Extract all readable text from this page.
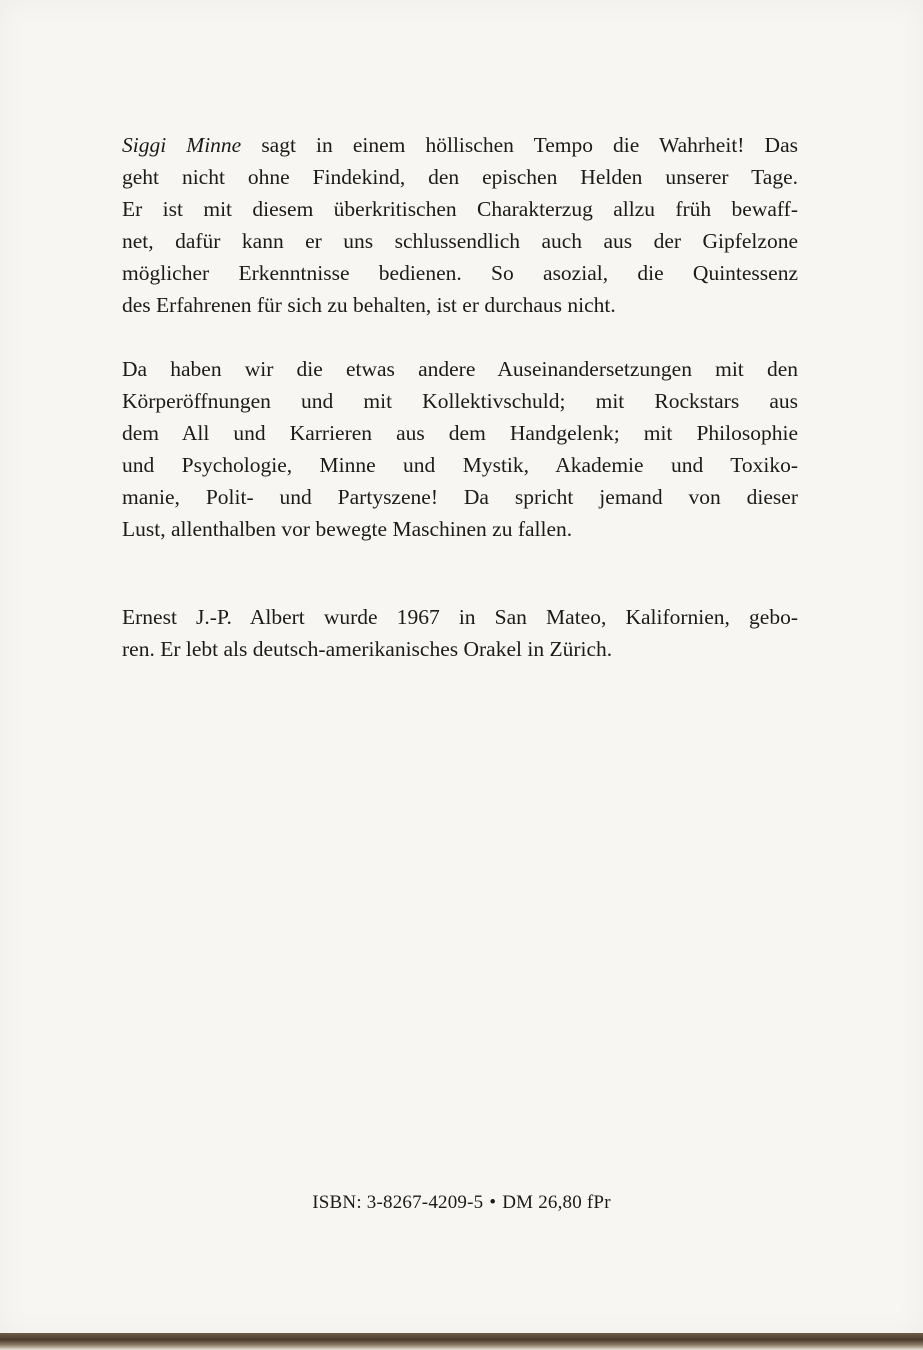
Siggi Minne sagt in einem höllischen Tempo die Wahrheit! Das
geht nicht ohne Findekind, den epischen Helden unserer Tage.
Er ist mit diesem überkritischen Charakterzug allzu früh bewaff-
net, dafür kann er uns schlussendlich auch aus der Gipfelzone
möglicher Erkenntnisse bedienen. So asozial, die Quintessenz
des Erfahrenen für sich zu behalten, ist er durchaus nicht.
Da haben wir die etwas andere Auseinandersetzungen mit den
Körperöffnungen und mit Kollektivschuld; mit Rockstars aus
dem All und Karrieren aus dem Handgelenk; mit Philosophie
und Psychologie, Minne und Mystik, Akademie und Toxiko-
manie, Polit- und Partyszene! Da spricht jemand von dieser
Lust, allenthalben vor bewegte Maschinen zu fallen.
Ernest J.-P. Albert wurde 1967 in San Mateo, Kalifornien, gebo-
ren. Er lebt als deutsch-amerikanisches Orakel in Zürich.
ISBN: 3-8267-4209-5 • DM 26,80 fPr
